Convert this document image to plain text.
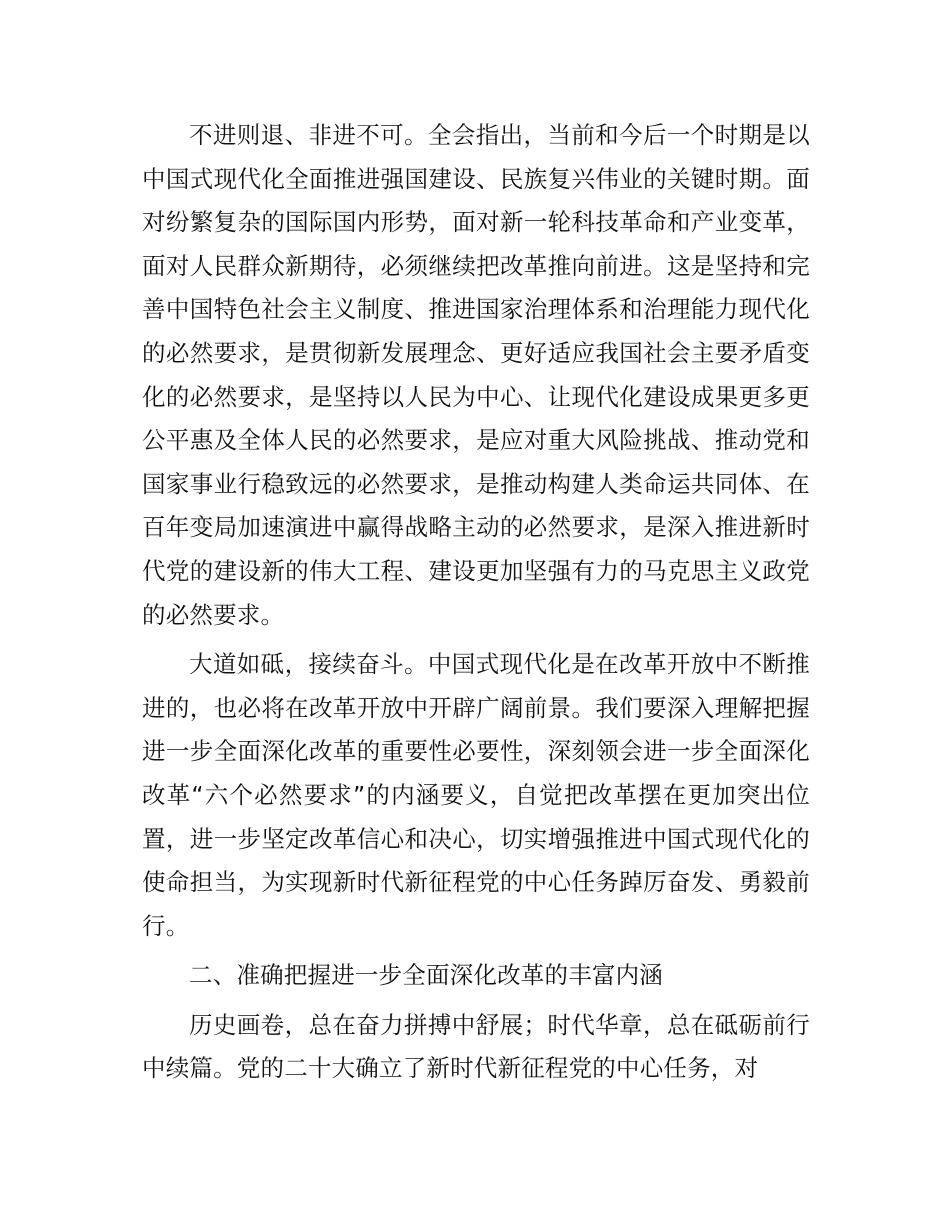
不进则退、非进不可。全会指出，当前和今后一个时期是以中国式现代化全面推进强国建设、民族复兴伟业的关键时期。面对纷繁复杂的国际国内形势，面对新一轮科技革命和产业变革，面对人民群众新期待，必须继续把改革推向前进。这是坚持和完善中国特色社会主义制度、推进国家治理体系和治理能力现代化的必然要求，是贯彻新发展理念、更好适应我国社会主要矛盾变化的必然要求，是坚持以人民为中心、让现代化建设成果更多更公平惠及全体人民的必然要求，是应对重大风险挑战、推动党和国家事业行稳致远的必然要求，是推动构建人类命运共同体、在百年变局加速演进中赢得战略主动的必然要求，是深入推进新时代党的建设新的伟大工程、建设更加坚强有力的马克思主义政党的必然要求。

大道如砥，接续奋斗。中国式现代化是在改革开放中不断推进的，也必将在改革开放中开辟广阔前景。我们要深入理解把握进一步全面深化改革的重要性必要性，深刻领会进一步全面深化改革“六个必然要求”的内涵要义，自觉把改革摆在更加突出位置，进一步坚定改革信心和决心，切实增强推进中国式现代化的使命担当，为实现新时代新征程党的中心任务踔厉奋发、勇毅前行。

二、准确把握进一步全面深化改革的丰富内涵

历史画卷，总在奋力拼搏中舒展；时代华章，总在砥砺前行中续篇。党的二十大确立了新时代新征程党的中心任务，对
